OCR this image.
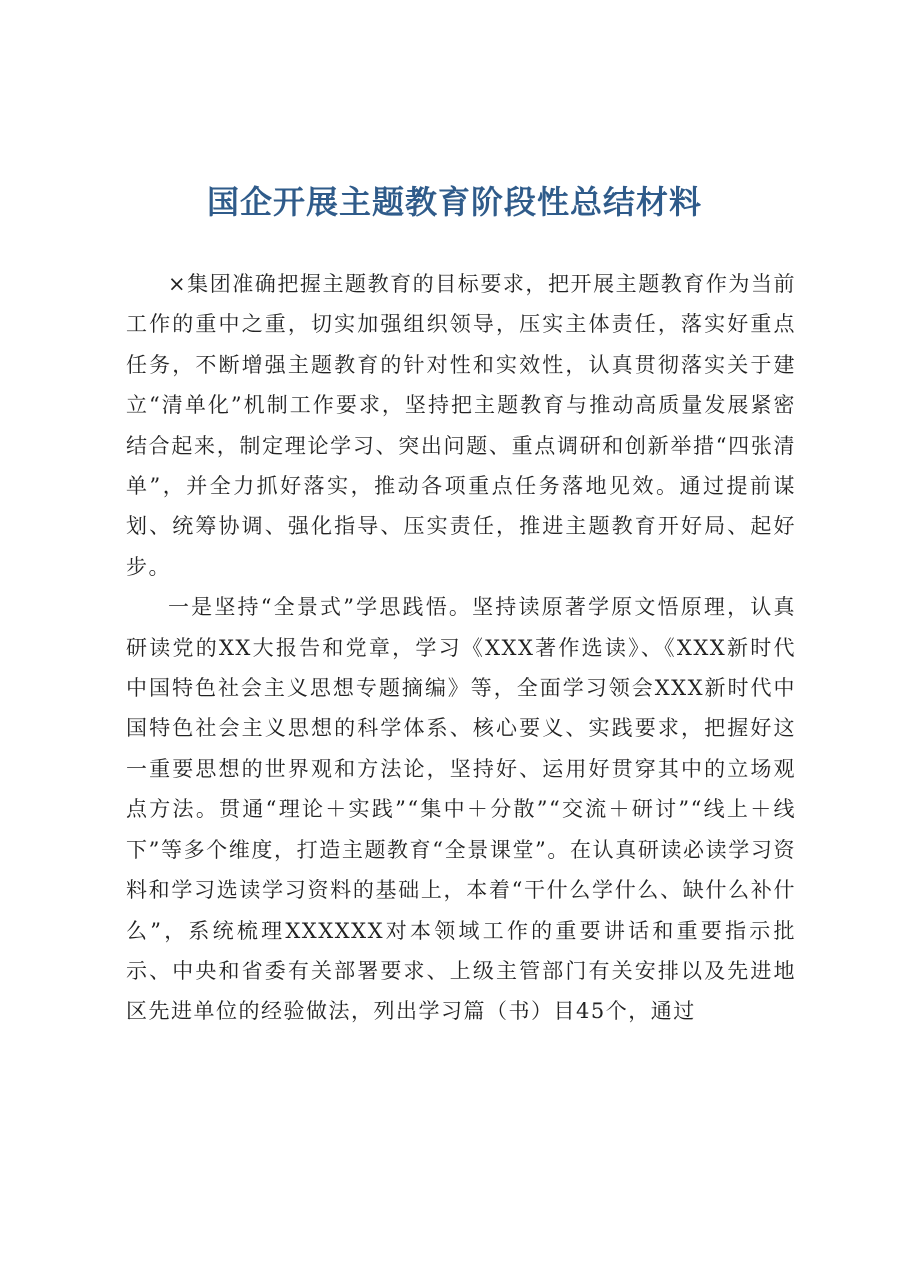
国企开展主题教育阶段性总结材料

×集团准确把握主题教育的目标要求，把开展主题教育作为当前工作的重中之重，切实加强组织领导，压实主体责任，落实好重点任务，不断增强主题教育的针对性和实效性，认真贯彻落实关于建立“清单化”机制工作要求，坚持把主题教育与推动高质量发展紧密结合起来，制定理论学习、突出问题、重点调研和创新举措“四张清单”，并全力抓好落实，推动各项重点任务落地见效。通过提前谋划、统筹协调、强化指导、压实责任，推进主题教育开好局、起好步。

一是坚持“全景式”学思践悟。坚持读原著学原文悟原理，认真研读党的XX大报告和党章，学习《XXX著作选读》、《XXX新时代中国特色社会主义思想专题摘编》等，全面学习领会XXX新时代中国特色社会主义思想的科学体系、核心要义、实践要求，把握好这一重要思想的世界观和方法论，坚持好、运用好贯穿其中的立场观点方法。贯通“理论＋实践”“集中＋分散”“交流＋研讨”“线上＋线下”等多个维度，打造主题教育“全景课堂”。在认真研读必读学习资料和学习选读学习资料的基础上，本着“干什么学什么、缺什么补什么”，系统梳理XXXXXX对本领域工作的重要讲话和重要指示批示、中央和省委有关部署要求、上级主管部门有关安排以及先进地区先进单位的经验做法，列出学习篇（书）目45个，通过
